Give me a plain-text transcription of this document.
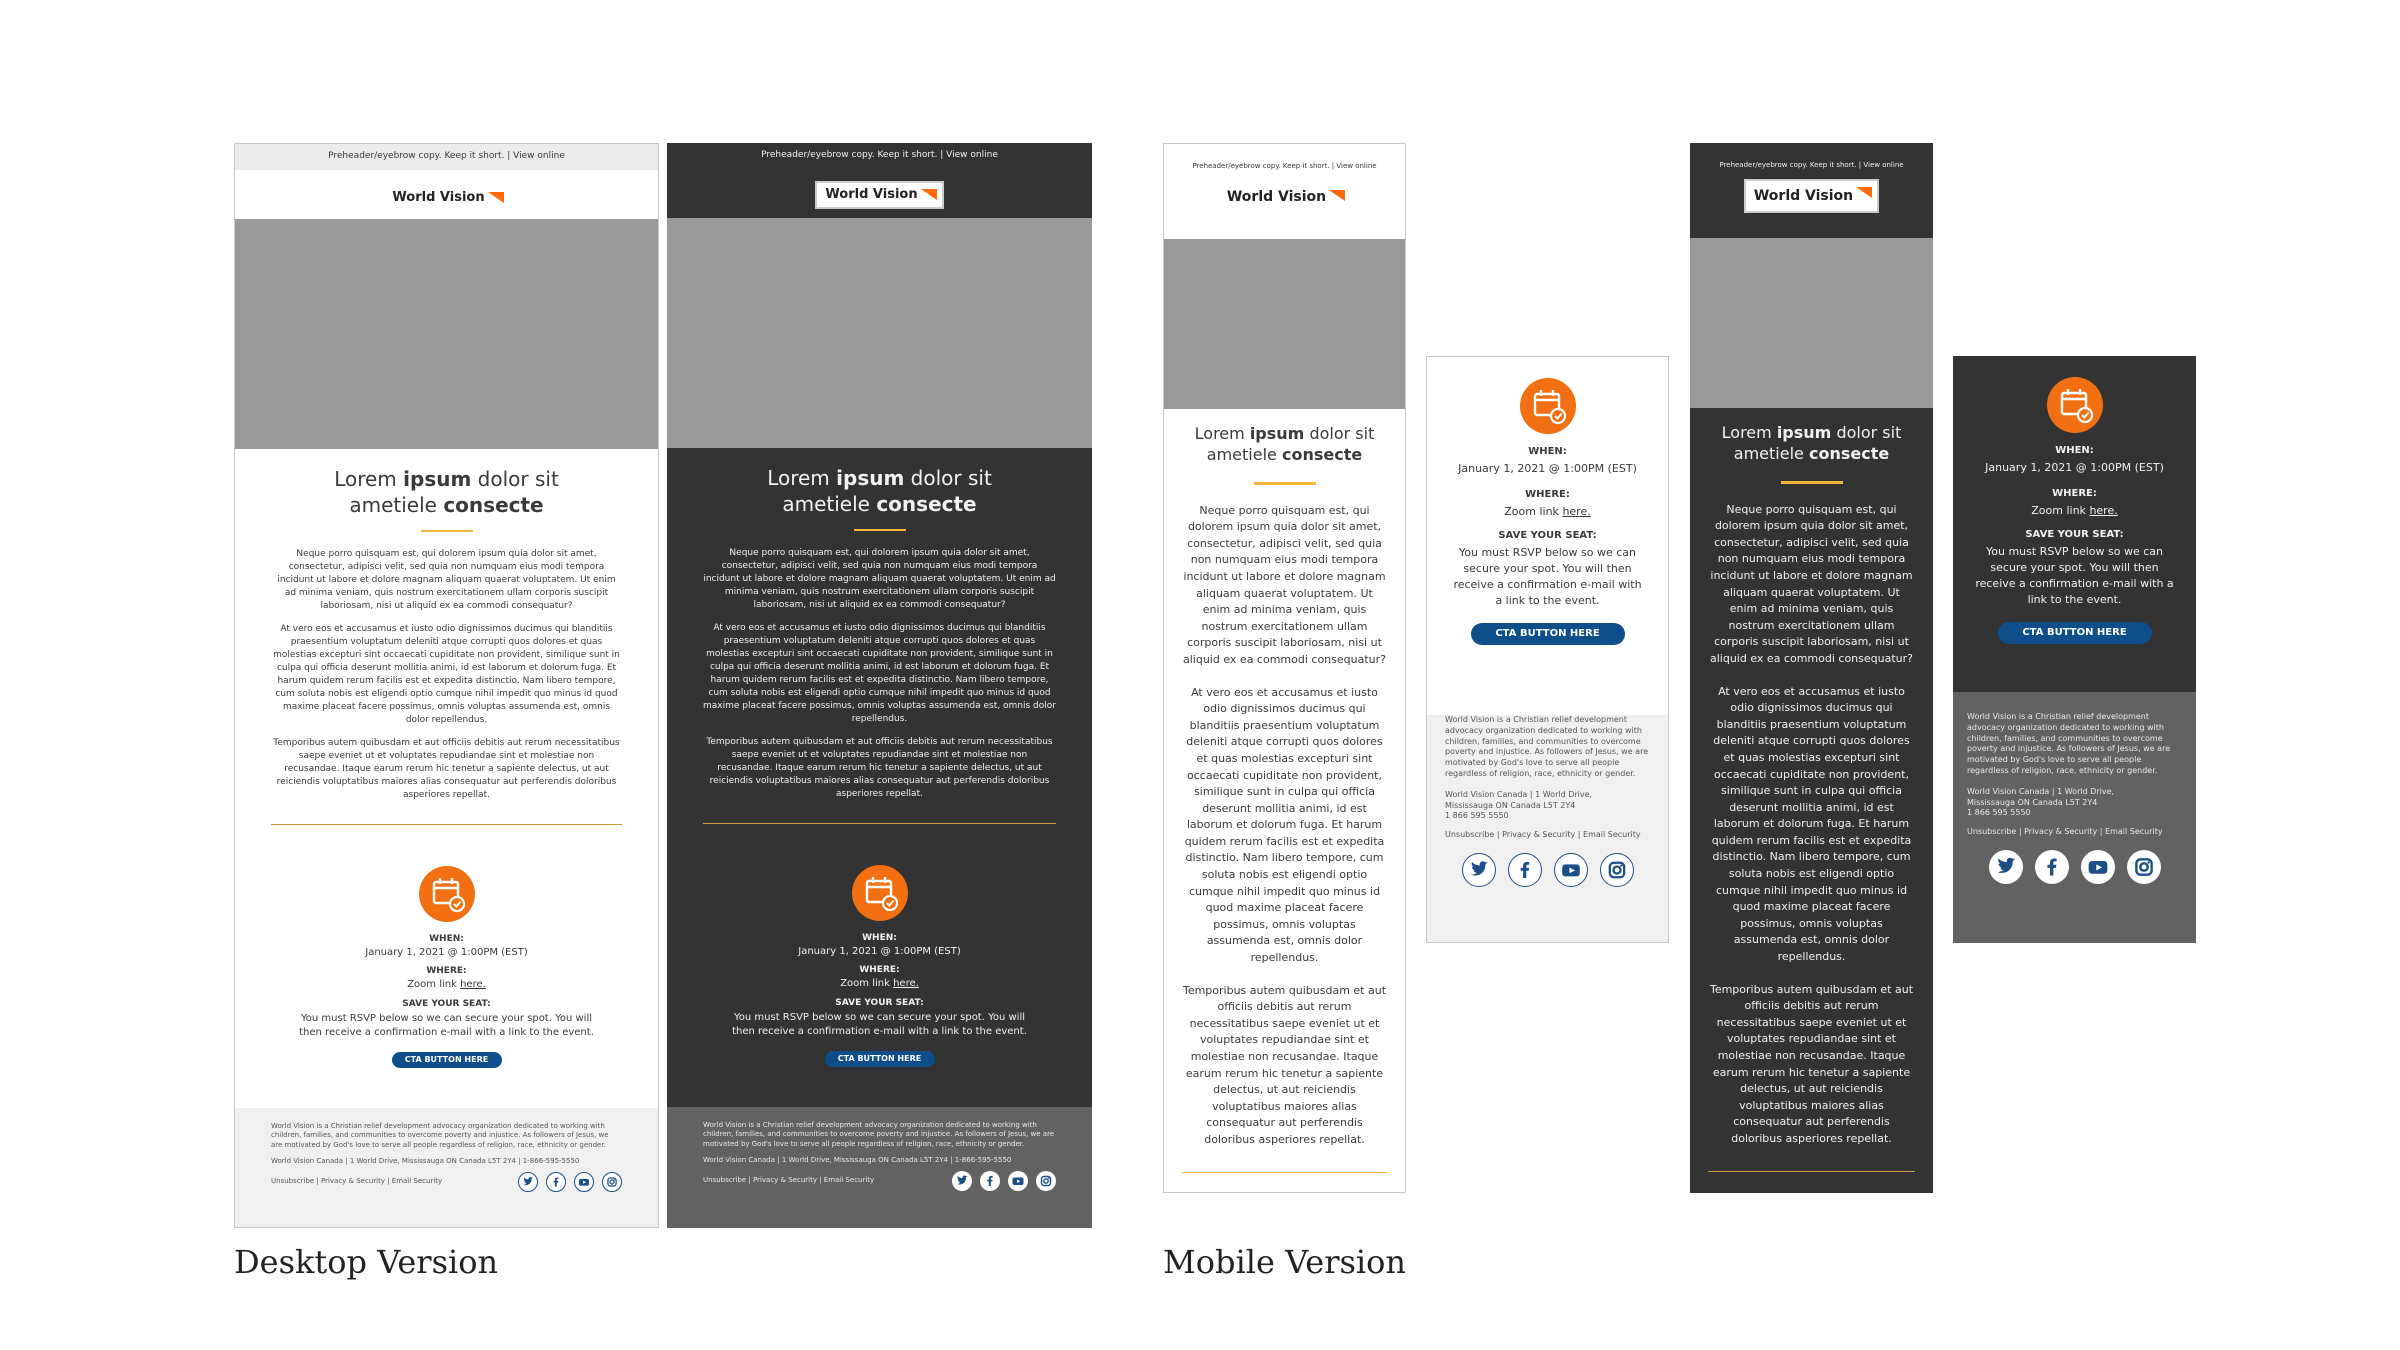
Preheader/eyebrow copy. Keep it short. | View online
World Vision
Lorem ipsum dolor sit
ametiele consecte

Neque porro quisquam est, qui dolorem ipsum quia dolor sit amet, consectetur, adipisci velit, sed quia non numquam eius modi tempora incidunt ut labore et dolore magnam aliquam quaerat voluptatem. Ut enim ad minima veniam, quis nostrum exercitationem ullam corporis suscipit laboriosam, nisi ut aliquid ex ea commodi consequatur?

At vero eos et accusamus et iusto odio dignissimos ducimus qui blanditiis praesentium voluptatum deleniti atque corrupti quos dolores et quas molestias excepturi sint occaecati cupiditate non provident, similique sunt in culpa qui officia deserunt mollitia animi, id est laborum et dolorum fuga. Et harum quidem rerum facilis est et expedita distinctio. Nam libero tempore, cum soluta nobis est eligendi optio cumque nihil impedit quo minus id quod maxime placeat facere possimus, omnis voluptas assumenda est, omnis dolor repellendus.

Temporibus autem quibusdam et aut officiis debitis aut rerum necessitatibus saepe eveniet ut et voluptates repudiandae sint et molestiae non recusandae. Itaque earum rerum hic tenetur a sapiente delectus, ut aut reiciendis voluptatibus maiores alias consequatur aut perferendis doloribus asperiores repellat.

WHEN:
January 1, 2021 @ 1:00PM (EST)
WHERE:
Zoom link here.
SAVE YOUR SEAT:
You must RSVP below so we can secure your spot. You will then receive a confirmation e-mail with a link to the event.
CTA BUTTON HERE
World Vision is a Christian relief development advocacy organization dedicated to working with children, families, and communities to overcome poverty and injustice. As followers of Jesus, we are motivated by God's love to serve all people regardless of religion, race, ethnicity or gender.
World Vision Canada | 1 World Drive, Mississauga ON Canada L5T 2Y4 | 1-866-595-5550
Unsubscribe | Privacy & Security | Email Security
Preheader/eyebrow copy. Keep it short. | View online
World Vision
Lorem ipsum dolor sit
ametiele consecte

Neque porro quisquam est, qui dolorem ipsum quia dolor sit amet, consectetur, adipisci velit, sed quia non numquam eius modi tempora incidunt ut labore et dolore magnam aliquam quaerat voluptatem. Ut enim ad minima veniam, quis nostrum exercitationem ullam corporis suscipit laboriosam, nisi ut aliquid ex ea commodi consequatur?

At vero eos et accusamus et iusto odio dignissimos ducimus qui blanditiis praesentium voluptatum deleniti atque corrupti quos dolores et quas molestias excepturi sint occaecati cupiditate non provident, similique sunt in culpa qui officia deserunt mollitia animi, id est laborum et dolorum fuga. Et harum quidem rerum facilis est et expedita distinctio. Nam libero tempore, cum soluta nobis est eligendi optio cumque nihil impedit quo minus id quod maxime placeat facere possimus, omnis voluptas assumenda est, omnis dolor repellendus.

Temporibus autem quibusdam et aut officiis debitis aut rerum necessitatibus saepe eveniet ut et voluptates repudiandae sint et molestiae non recusandae. Itaque earum rerum hic tenetur a sapiente delectus, ut aut reiciendis voluptatibus maiores alias consequatur aut perferendis doloribus asperiores repellat.

WHEN:
January 1, 2021 @ 1:00PM (EST)
WHERE:
Zoom link here.
SAVE YOUR SEAT:
You must RSVP below so we can secure your spot. You will then receive a confirmation e-mail with a link to the event.
CTA BUTTON HERE
World Vision is a Christian relief development advocacy organization dedicated to working with children, families, and communities to overcome poverty and injustice. As followers of Jesus, we are motivated by God's love to serve all people regardless of religion, race, ethnicity or gender.
World Vision Canada | 1 World Drive, Mississauga ON Canada L5T 2Y4 | 1-866-595-5550
Unsubscribe | Privacy & Security | Email Security
Preheader/eyebrow copy. Keep it short. | View online
World Vision
Lorem ipsum dolor sit
ametiele consecte

Neque porro quisquam est, qui dolorem ipsum quia dolor sit amet, consectetur, adipisci velit, sed quia non numquam eius modi tempora incidunt ut labore et dolore magnam aliquam quaerat voluptatem. Ut enim ad minima veniam, quis nostrum exercitationem ullam corporis suscipit laboriosam, nisi ut aliquid ex ea commodi consequatur?

At vero eos et accusamus et iusto odio dignissimos ducimus qui blanditiis praesentium voluptatum deleniti atque corrupti quos dolores et quas molestias excepturi sint occaecati cupiditate non provident, similique sunt in culpa qui officia deserunt mollitia animi, id est laborum et dolorum fuga. Et harum quidem rerum facilis est et expedita distinctio. Nam libero tempore, cum soluta nobis est eligendi optio cumque nihil impedit quo minus id quod maxime placeat facere possimus, omnis voluptas assumenda est, omnis dolor repellendus.

Temporibus autem quibusdam et aut officiis debitis aut rerum necessitatibus saepe eveniet ut et voluptates repudiandae sint et molestiae non recusandae. Itaque earum rerum hic tenetur a sapiente delectus, ut aut reiciendis voluptatibus maiores alias consequatur aut perferendis doloribus asperiores repellat.

WHEN:
January 1, 2021 @ 1:00PM (EST)
WHERE:
Zoom link here.
SAVE YOUR SEAT:
You must RSVP below so we can secure your spot. You will then receive a confirmation e-mail with a link to the event.
CTA BUTTON HERE
World Vision is a Christian relief development advocacy organization dedicated to working with children, families, and communities to overcome poverty and injustice. As followers of Jesus, we are motivated by God's love to serve all people regardless of religion, race, ethnicity or gender.
World Vision Canada | 1 World Drive,
Mississauga ON Canada L5T 2Y4
1 866 595 5550
Unsubscribe | Privacy & Security | Email Security
Preheader/eyebrow copy. Keep it short. | View online
World Vision
Lorem ipsum dolor sit
ametiele consecte

Neque porro quisquam est, qui dolorem ipsum quia dolor sit amet, consectetur, adipisci velit, sed quia non numquam eius modi tempora incidunt ut labore et dolore magnam aliquam quaerat voluptatem. Ut enim ad minima veniam, quis nostrum exercitationem ullam corporis suscipit laboriosam, nisi ut aliquid ex ea commodi consequatur?

At vero eos et accusamus et iusto odio dignissimos ducimus qui blanditiis praesentium voluptatum deleniti atque corrupti quos dolores et quas molestias excepturi sint occaecati cupiditate non provident, similique sunt in culpa qui officia deserunt mollitia animi, id est laborum et dolorum fuga. Et harum quidem rerum facilis est et expedita distinctio. Nam libero tempore, cum soluta nobis est eligendi optio cumque nihil impedit quo minus id quod maxime placeat facere possimus, omnis voluptas assumenda est, omnis dolor repellendus.

Temporibus autem quibusdam et aut officiis debitis aut rerum necessitatibus saepe eveniet ut et voluptates repudiandae sint et molestiae non recusandae. Itaque earum rerum hic tenetur a sapiente delectus, ut aut reiciendis voluptatibus maiores alias consequatur aut perferendis doloribus asperiores repellat.

WHEN:
January 1, 2021 @ 1:00PM (EST)
WHERE:
Zoom link here.
SAVE YOUR SEAT:
You must RSVP below so we can secure your spot. You will then receive a confirmation e-mail with a link to the event.
CTA BUTTON HERE
World Vision is a Christian relief development advocacy organization dedicated to working with children, families, and communities to overcome poverty and injustice. As followers of Jesus, we are motivated by God's love to serve all people regardless of religion, race, ethnicity or gender.
World Vision Canada | 1 World Drive,
Mississauga ON Canada L5T 2Y4
1 866 595 5550
Unsubscribe | Privacy & Security | Email Security
Desktop Version	Mobile Version
